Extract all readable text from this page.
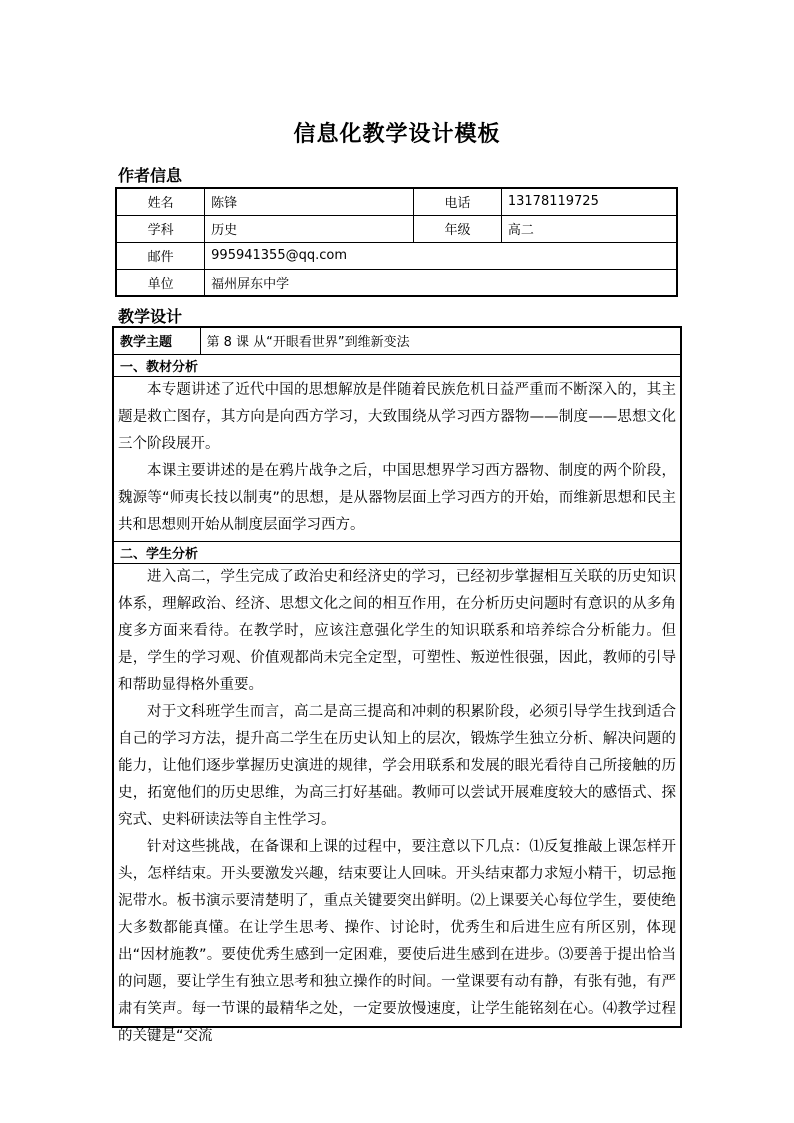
信息化教学设计模板
作者信息
姓名	陈锋	电话	13178119725
学科	历史	年级	高二
邮件	995941355@qq.com		
单位	福州屏东中学		
教学设计
教学主题	第 8 课 从“开眼看世界”到维新变法
一、教材分析

本专题讲述了近代中国的思想解放是伴随着民族危机日益严重而不断深入的，其主题是救亡图存，其方向是向西方学习，大致围绕从学习西方器物——制度——思想文化三个阶段展开。

本课主要讲述的是在鸦片战争之后，中国思想界学习西方器物、制度的两个阶段，魏源等“师夷长技以制夷”的思想，是从器物层面上学习西方的开始，而维新思想和民主共和思想则开始从制度层面学习西方。

二、学生分析

进入高二，学生完成了政治史和经济史的学习，已经初步掌握相互关联的历史知识体系，理解政治、经济、思想文化之间的相互作用，在分析历史问题时有意识的从多角度多方面来看待。在教学时，应该注意强化学生的知识联系和培养综合分析能力。但是，学生的学习观、价值观都尚未完全定型，可塑性、叛逆性很强，因此，教师的引导和帮助显得格外重要。

对于文科班学生而言，高二是高三提高和冲刺的积累阶段，必须引导学生找到适合自己的学习方法，提升高二学生在历史认知上的层次，锻炼学生独立分析、解决问题的能力，让他们逐步掌握历史演进的规律，学会用联系和发展的眼光看待自己所接触的历史，拓宽他们的历史思维，为高三打好基础。教师可以尝试开展难度较大的感悟式、探究式、史料研读法等自主性学习。

针对这些挑战，在备课和上课的过程中，要注意以下几点：⑴反复推敲上课怎样开头，怎样结束。开头要激发兴趣，结束要让人回味。开头结束都力求短小精干，切忌拖泥带水。板书演示要清楚明了，重点关键要突出鲜明。⑵上课要关心每位学生，要使绝大多数都能真懂。在让学生思考、操作、讨论时，优秀生和后进生应有所区别，体现出“因材施教”。要使优秀生感到一定困难，要使后进生感到在进步。⑶要善于提出恰当的问题，要让学生有独立思考和独立操作的时间。一堂课要有动有静，有张有弛，有严肃有笑声。每一节课的最精华之处，一定要放慢速度，让学生能铭刻在心。⑷教学过程的关键是“交流
